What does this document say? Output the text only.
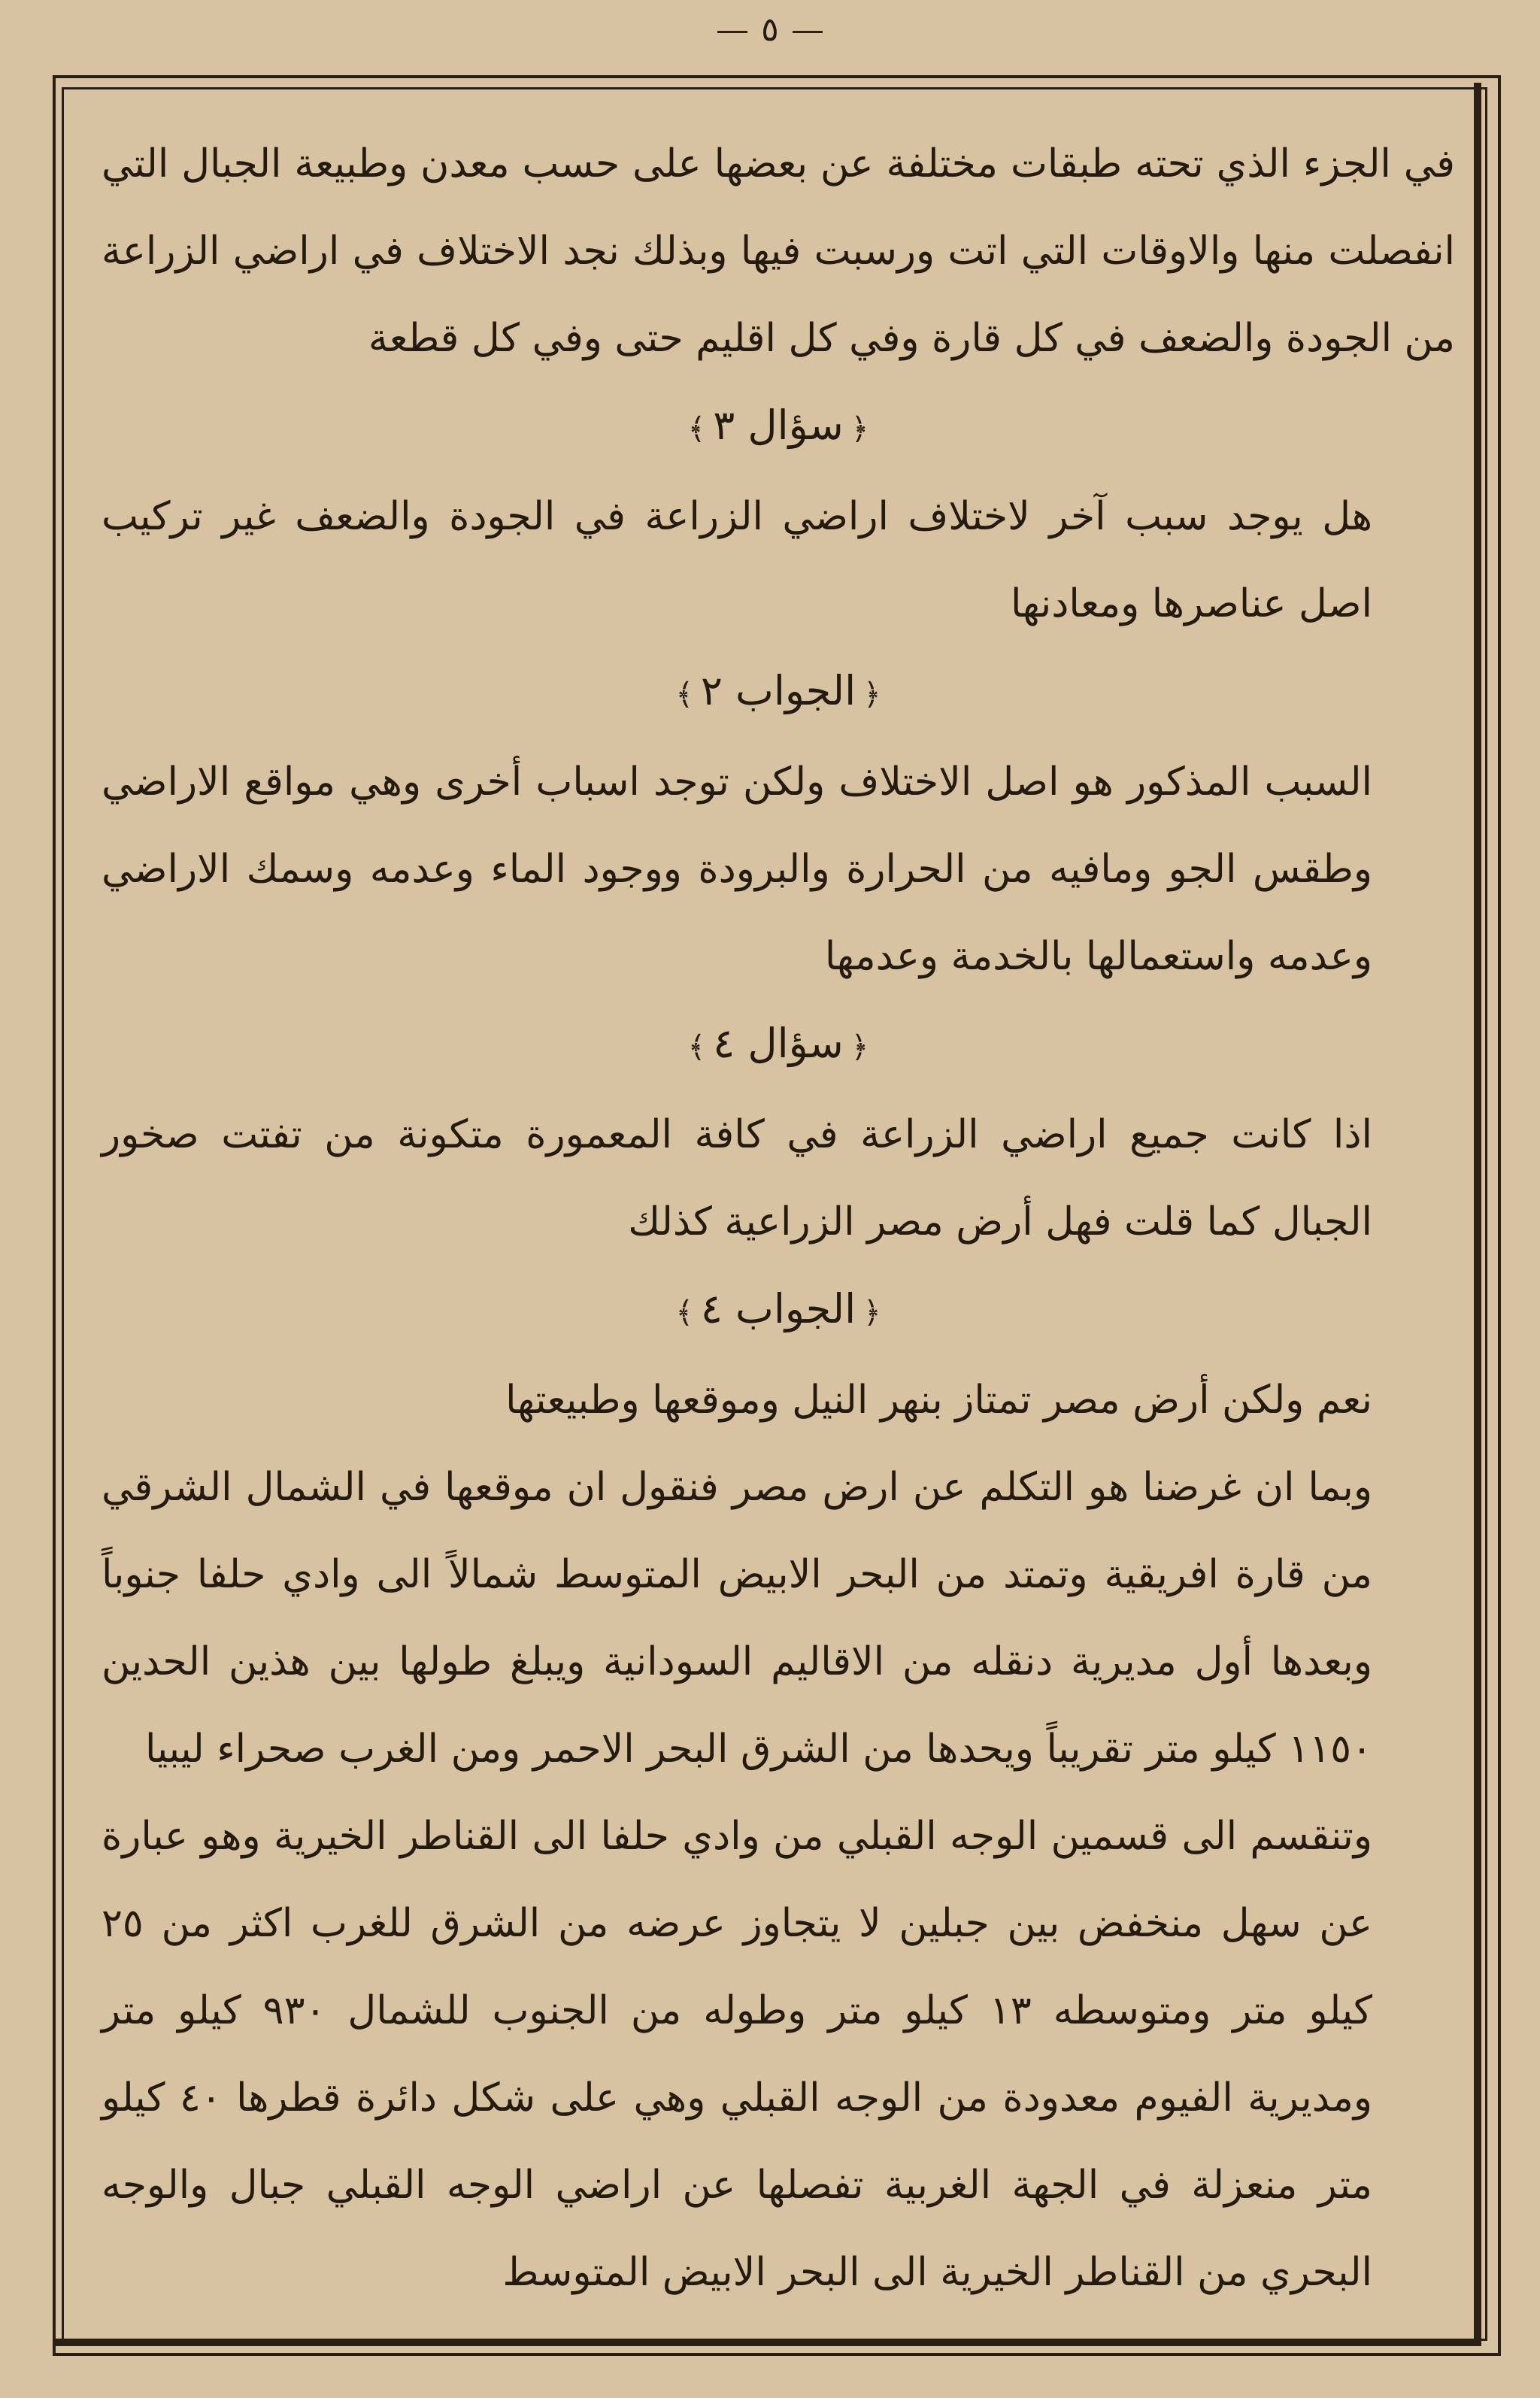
٥

في الجزء الذي تحته طبقات مختلفة عن بعضها على حسب معدن وطبيعة الجبال التي انفصلت منها والاوقات التي اتت ورسبت فيها وبذلك نجد الاختلاف في اراضي الزراعة من الجودة والضعف في كل قارة وفي كل اقليم حتى وفي كل قطعة

﴿سؤال ٣﴾

هل يوجد سبب آخر لاختلاف اراضي الزراعة في الجودة والضعف غير تركيب اصل عناصرها ومعادنها

﴿الجواب ٢﴾

السبب المذكور هو اصل الاختلاف ولكن توجد اسباب أخرى وهي مواقع الاراضي وطقس الجو ومافيه من الحرارة والبرودة ووجود الماء وعدمه وسمك الاراضي وعدمه واستعمالها بالخدمة وعدمها

﴿سؤال ٤﴾

اذا كانت جميع اراضي الزراعة في كافة المعمورة متكونة من تفتت صخور الجبال كما قلت فهل أرض مصر الزراعية كذلك

﴿الجواب ٤﴾

نعم ولكن أرض مصر تمتاز بنهر النيل وموقعها وطبيعتها

وبما ان غرضنا هو التكلم عن ارض مصر فنقول ان موقعها في الشمال الشرقي من قارة افريقية وتمتد من البحر الابيض المتوسط شمالاً الى وادي حلفا جنوباً وبعدها أول مديرية دنقله من الاقاليم السودانية ويبلغ طولها بين هذين الحدين ١١٥٠ كيلو متر تقريباً ويحدها من الشرق البحر الاحمر ومن الغرب صحراء ليبيا

وتنقسم الى قسمين الوجه القبلي من وادي حلفا الى القناطر الخيرية وهو عبارة عن سهل منخفض بين جبلين لا يتجاوز عرضه من الشرق للغرب اكثر من ٢٥ كيلو متر ومتوسطه ١٣ كيلو متر وطوله من الجنوب للشمال ٩٣٠ كيلو متر ومديرية الفيوم معدودة من الوجه القبلي وهي على شكل دائرة قطرها ٤٠ كيلو متر منعزلة في الجهة الغربية تفصلها عن اراضي الوجه القبلي جبال والوجه البحري من القناطر الخيرية الى البحر الابيض المتوسط
